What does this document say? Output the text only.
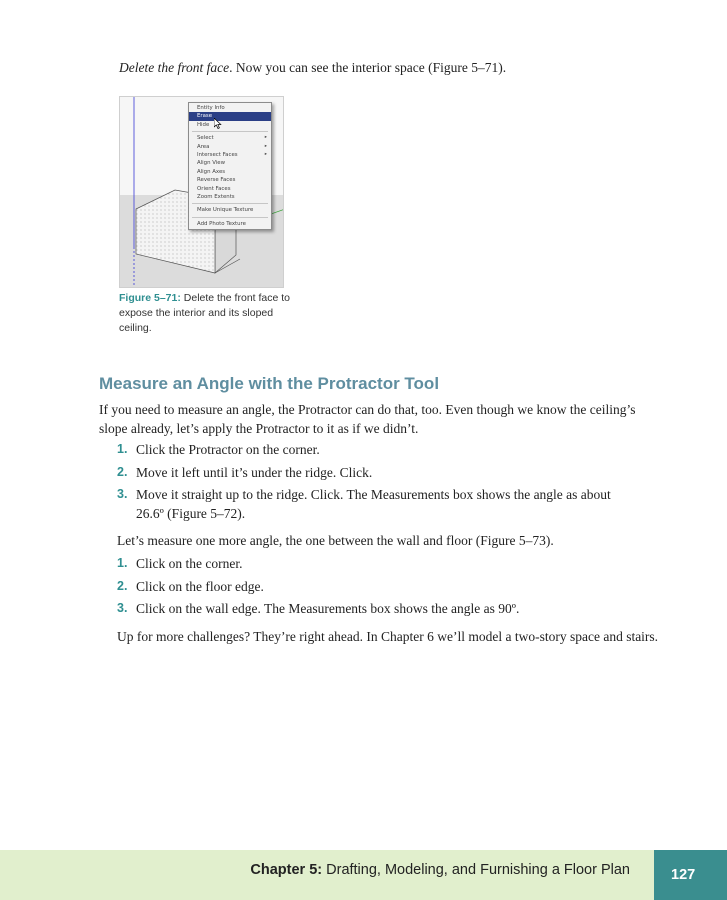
Delete the front face. Now you can see the interior space (Figure 5–71).

Entity Info
Erase
Hide
Select	▸
Area	▸
Intersect Faces	▸
Align View
Align Axes
Reverse Faces
Orient Faces
Zoom Extents
Make Unique Texture
Add Photo Texture

Figure 5–71: Delete the front face to expose the interior and its sloped ceiling.

Measure an Angle with the Protractor Tool

If you need to measure an angle, the Protractor can do that, too. Even though we know the ceiling’s slope already, let’s apply the Protractor to it as if we didn’t.

1. Click the Protractor on the corner.
2. Move it left until it’s under the ridge. Click.
3. Move it straight up to the ridge. Click. The Measurements box shows the angle as about 26.6º (Figure 5–72).

Let’s measure one more angle, the one between the wall and floor (Figure 5–73).

1. Click on the corner.
2. Click on the floor edge.
3. Click on the wall edge. The Measurements box shows the angle as 90º.

Up for more challenges? They’re right ahead. In Chapter 6 we’ll model a two-story space and stairs.

Chapter 5: Drafting, Modeling, and Furnishing a Floor Plan	127
